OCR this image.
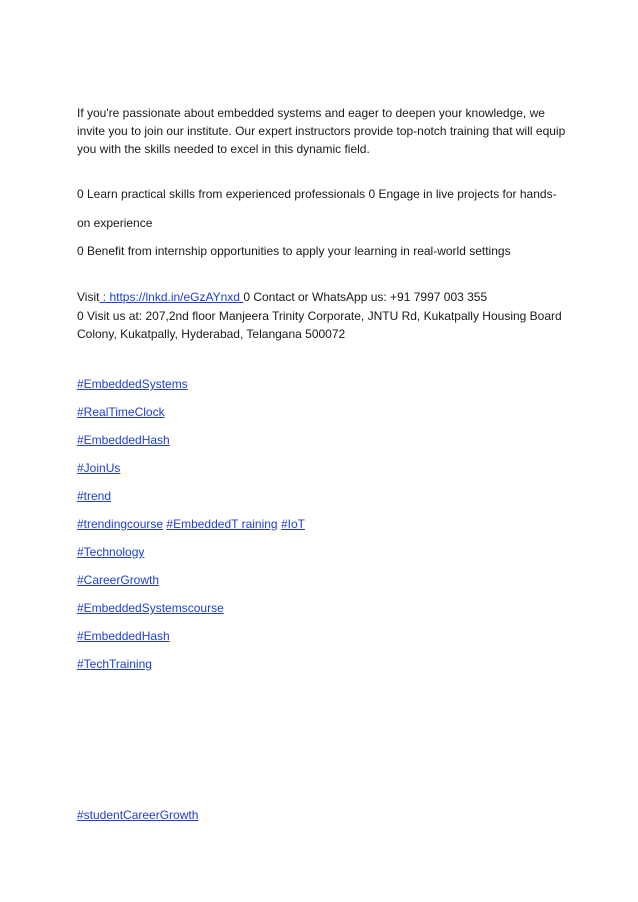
If you're passionate about embedded systems and eager to deepen your knowledge, we invite you to join our institute. Our expert instructors provide top-notch training that will equip you with the skills needed to excel in this dynamic field.

0 Learn practical skills from experienced professionals 0 Engage in live projects for hands-

on experience

0 Benefit from internship opportunities to apply your learning in real-world settings

Visit : https://lnkd.in/eGzAYnxd 0 Contact or WhatsApp us: +91 7997 003 355

0 Visit us at: 207,2nd floor Manjeera Trinity Corporate, JNTU Rd, Kukatpally Housing Board Colony, Kukatpally, Hyderabad, Telangana 500072

#EmbeddedSystems
#RealTimeClock
#EmbeddedHash
#JoinUs
#trend
#trendingcourse #EmbeddedT raining #IoT
#Technology
#CareerGrowth
#EmbeddedSystemscourse
#EmbeddedHash
#TechTraining
#studentCareerGrowth
